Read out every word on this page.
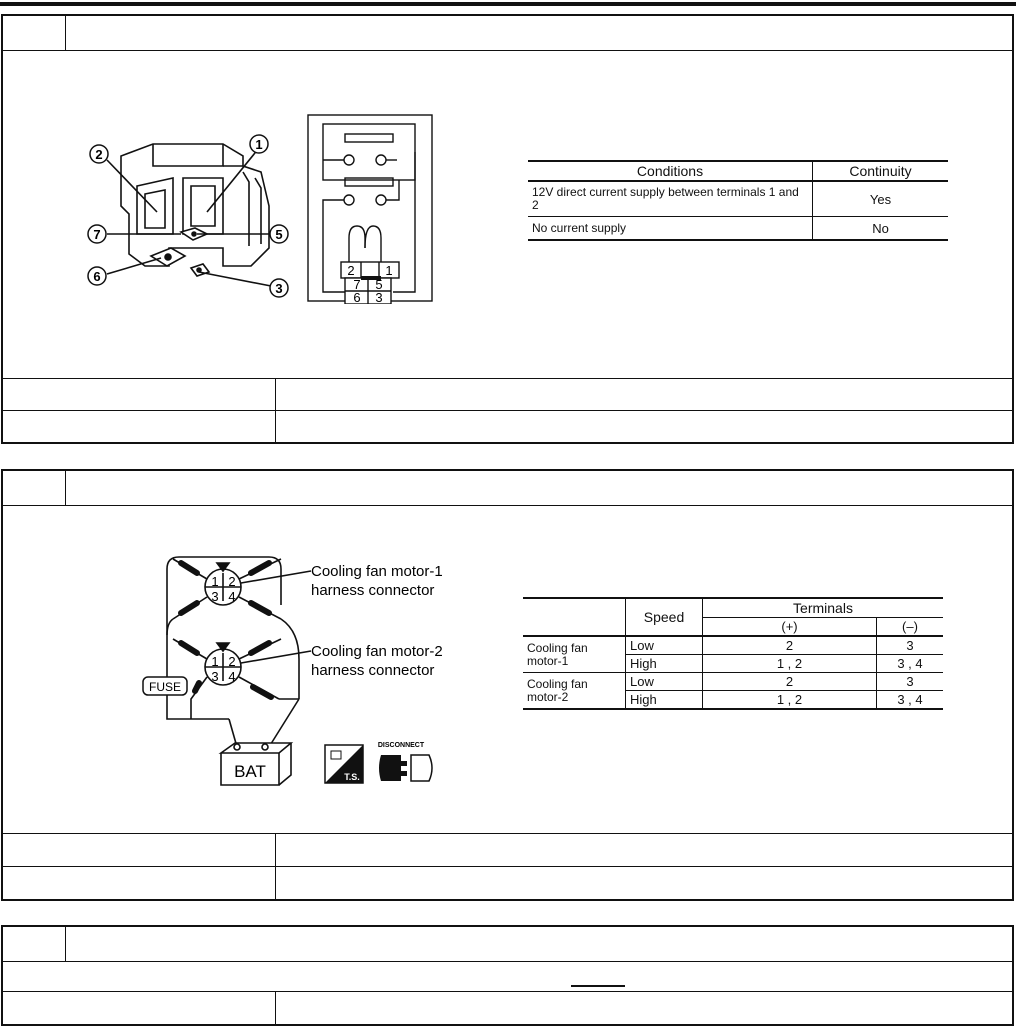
2
1
7	5
6
3
2 1
7 5
6 3
Conditions	Continuity
12V direct current supply between terminals 1 and 2	Yes
No current supply	No
1 2
3 4
1 2
3 4
Cooling fan motor-1
harness connector
Cooling fan motor-2
harness connector
FUSE
BAT	T.S.
DISCONNECT
	Speed	Terminals	
		(+)	(–)
Cooling fan
motor-1	Low	2	3
	High	1 , 2	3 , 4
Cooling fan
motor-2	Low	2	3
	High	1 , 2	3 , 4
